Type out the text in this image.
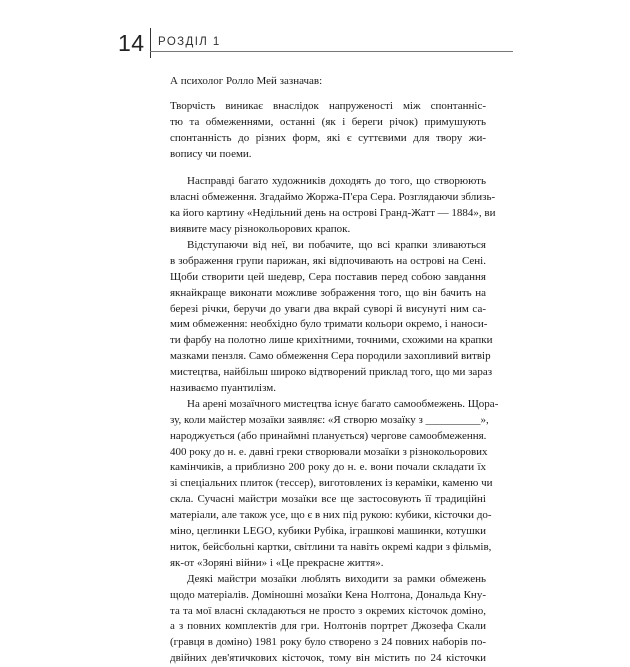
14 РОЗДІЛ 1
А психолог Ролло Мей зазначав:
Творчість виникає внаслідок напруженості між спонтанніс-
тю та обмеженнями, останні (як і береги річок) примушують
спонтанність до різних форм, які є суттєвими для твору жи-
вопису чи поеми.
Насправді багато художників доходять до того, що створюють
власні обмеження. Згадаймо Жоржа-П'єра Сера. Розглядаючи зблизь-
ка його картину «Недільний день на острові Гранд-Жатт — 1884», ви
виявите масу різнокольорових крапок.
Відступаючи від неї, ви побачите, що всі крапки зливаються
в зображення групи парижан, які відпочивають на острові на Сені.
Щоби створити цей шедевр, Сера поставив перед собою завдання
якнайкраще виконати можливе зображення того, що він бачить на
березі річки, беручи до уваги два вкрай суворі й висунуті ним са-
мим обмеження: необхідно було тримати кольори окремо, і наноси-
ти фарбу на полотно лише крихітними, точними, схожими на крапки
мазками пензля. Само обмеження Сера породили захопливий витвір
мистецтва, найбільш широко відтворений приклад того, що ми зараз
називаємо пуантилізм.
На арені мозаїчного мистецтва існує багато самообмежень. Щора-
зу, коли майстер мозаїки заявляє: «Я створю мозаїку з __________»,
народжується (або принаймні планується) чергове самообмеження.
400 року до н. е. давні греки створювали мозаїки з різнокольорових
камінчиків, а приблизно 200 року до н. е. вони почали складати їх
зі спеціальних плиток (тессер), виготовлених із кераміки, каменю чи
скла. Сучасні майстри мозаїки все ще застосовують її традиційні
матеріали, але також усе, що є в них під рукою: кубики, кісточки до-
міно, цеглинки LEGO, кубики Рубіка, іграшкові машинки, котушки
ниток, бейсбольні картки, світлини та навіть окремі кадри з фільмів,
як-от «Зоряні війни» і «Це прекрасне життя».
Деякі майстри мозаїки люблять виходити за рамки обмежень
щодо матеріалів. Доміношні мозаїки Кена Нолтона, Дональда Кну-
та та мої власні складаються не просто з окремих кісточок доміно,
а з повних комплектів для гри. Нолтонів портрет Джозефа Скали
(гравця в доміно) 1981 року було створено з 24 повних наборів по-
двійних дев'ятичкових кісточок, тому він містить по 24 кісточки
